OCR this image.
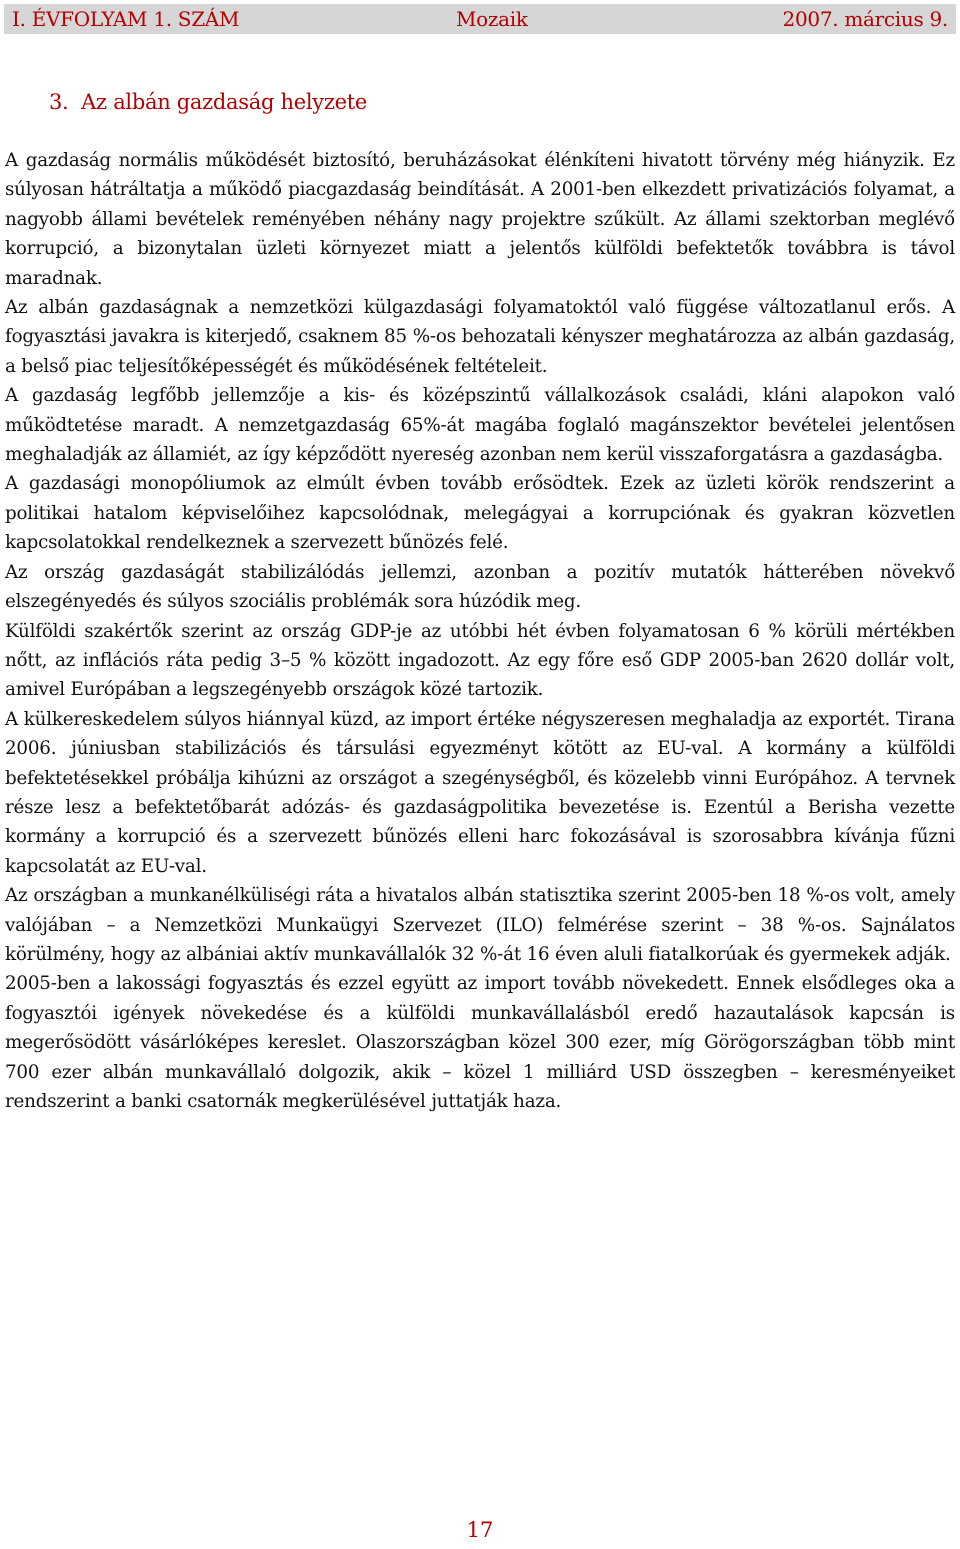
I. ÉVFOLYAM 1. SZÁM	Mozaik	2007. március 9.
3.  Az albán gazdaság helyzete

A gazdaság normális működését biztosító, beruházásokat élénkíteni hivatott törvény még hiányzik. Ez súlyosan hátráltatja a működő piacgazdaság beindítását. A 2001-ben elkezdett privatizációs folyamat, a nagyobb állami bevételek reményében néhány nagy projektre szűkült. Az állami szektorban meglévő korrupció, a bizonytalan üzleti környezet miatt a jelentős külföldi befektetők továbbra is távol maradnak.

Az albán gazdaságnak a nemzetközi külgazdasági folyamatoktól való függése változatlanul erős. A fogyasztási javakra is kiterjedő, csaknem 85 %-os behozatali kényszer meghatározza az albán gazdaság, a belső piac teljesítőképességét és működésének feltételeit.

A gazdaság legfőbb jellemzője a kis- és középszintű vállalkozások családi, kláni alapokon való működtetése maradt. A nemzetgazdaság 65%-át magába foglaló magánszektor bevételei jelentősen meghaladják az államiét, az így képződött nyereség azonban nem kerül visszaforgatásra a gazdaságba.

A gazdasági monopóliumok az elmúlt évben tovább erősödtek. Ezek az üzleti körök rendszerint a politikai hatalom képviselőihez kapcsolódnak, melegágyai a korrupciónak és gyakran közvetlen kapcsolatokkal rendelkeznek a szervezett bűnözés felé.

Az ország gazdaságát stabilizálódás jellemzi, azonban a pozitív mutatók hátterében növekvő elszegényedés és súlyos szociális problémák sora húzódik meg.

Külföldi szakértők szerint az ország GDP-je az utóbbi hét évben folyamatosan 6 % körüli mértékben nőtt, az inflációs ráta pedig 3–5 % között ingadozott. Az egy főre eső GDP 2005-ban 2620 dollár volt, amivel Európában a legszegényebb országok közé tartozik.

A külkereskedelem súlyos hiánnyal küzd, az import értéke négyszeresen meghaladja az exportét. Tirana 2006. júniusban stabilizációs és társulási egyezményt kötött az EU-val. A kormány a külföldi befektetésekkel próbálja kihúzni az országot a szegénységből, és közelebb vinni Európához. A tervnek része lesz a befektetőbarát adózás- és gazdaságpolitika bevezetése is. Ezentúl a Berisha vezette kormány a korrupció és a szervezett bűnözés elleni harc fokozásával is szorosabbra kívánja fűzni kapcsolatát az EU-val.

Az országban a munkanélküliségi ráta a hivatalos albán statisztika szerint 2005-ben 18 %-os volt, amely valójában – a Nemzetközi Munkaügyi Szervezet (ILO) felmérése szerint – 38 %-os. Sajnálatos körülmény, hogy az albániai aktív munkavállalók 32 %-át 16 éven aluli fiatalkorúak és gyermekek adják.

2005-ben a lakossági fogyasztás és ezzel együtt az import tovább növekedett. Ennek elsődleges oka a fogyasztói igények növekedése és a külföldi munkavállalásból eredő hazautalások kapcsán is megerősödött vásárlóképes kereslet. Olaszországban közel 300 ezer, míg Görögországban több mint 700 ezer albán munkavállaló dolgozik, akik – közel 1 milliárd USD összegben – keresményeiket rendszerint a banki csatornák megkerülésével juttatják haza.

17
